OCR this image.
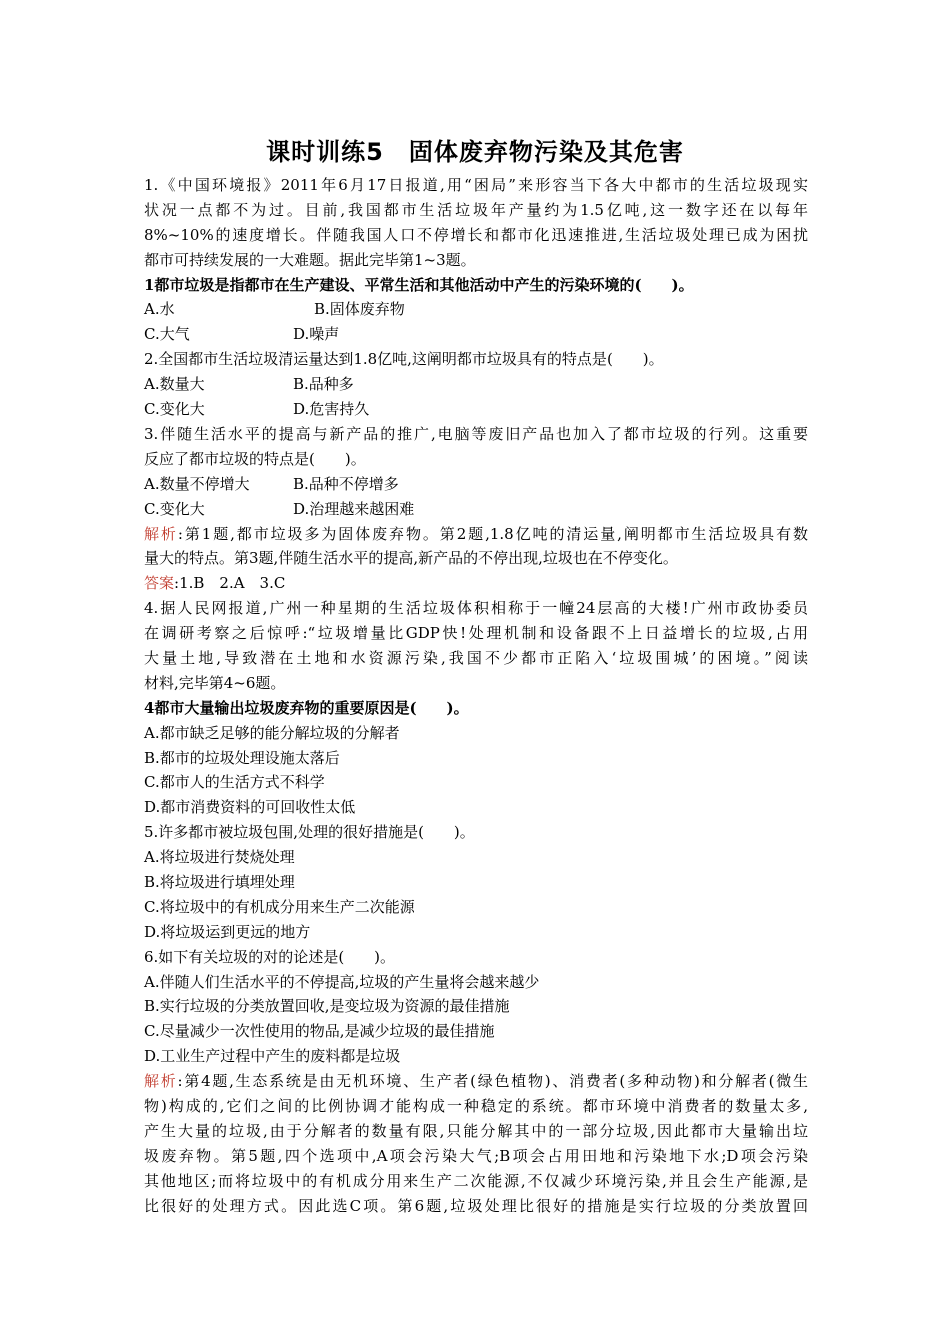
课时训练5　固体废弃物污染及其危害
1.《中国环境报》2011年6月17日报道,用“困局”来形容当下各大中都市的生活垃圾现实
状况一点都不为过。目前,我国都市生活垃圾年产量约为1.5亿吨,这一数字还在以每年
8%~10%的速度增长。伴随我国人口不停增长和都市化迅速推进,生活垃圾处理已成为困扰
都市可持续发展的一大难题。据此完毕第1~3题。
1都市垃圾是指都市在生产建设、平常生活和其他活动中产生的污染环境的(　　)。
A.水	B.固体废弃物
C.大气	D.噪声
2.全国都市生活垃圾清运量达到1.8亿吨,这阐明都市垃圾具有的特点是(　　)。
A.数量大	B.品种多
C.变化大	D.危害持久
3.伴随生活水平的提高与新产品的推广,电脑等废旧产品也加入了都市垃圾的行列。这重要
反应了都市垃圾的特点是(　　)。
A.数量不停增大	B.品种不停增多
C.变化大	D.治理越来越困难
解析:第1题,都市垃圾多为固体废弃物。第2题,1.8亿吨的清运量,阐明都市生活垃圾具有数
量大的特点。第3题,伴随生活水平的提高,新产品的不停出现,垃圾也在不停变化。
答案:1.B　2.A　3.C
4.据人民网报道,广州一种星期的生活垃圾体积相称于一幢24层高的大楼!广州市政协委员
在调研考察之后惊呼:“垃圾增量比GDP快!处理机制和设备跟不上日益增长的垃圾,占用
大量土地,导致潜在土地和水资源污染,我国不少都市正陷入‘垃圾围城’的困境。”阅读
材料,完毕第4~6题。
4都市大量输出垃圾废弃物的重要原因是(　　)。
A.都市缺乏足够的能分解垃圾的分解者
B.都市的垃圾处理设施太落后
C.都市人的生活方式不科学
D.都市消费资料的可回收性太低
5.许多都市被垃圾包围,处理的很好措施是(　　)。
A.将垃圾进行焚烧处理
B.将垃圾进行填埋处理
C.将垃圾中的有机成分用来生产二次能源
D.将垃圾运到更远的地方
6.如下有关垃圾的对的论述是(　　)。
A.伴随人们生活水平的不停提高,垃圾的产生量将会越来越少
B.实行垃圾的分类放置回收,是变垃圾为资源的最佳措施
C.尽量减少一次性使用的物品,是减少垃圾的最佳措施
D.工业生产过程中产生的废料都是垃圾
解析:第4题,生态系统是由无机环境、生产者(绿色植物)、消费者(多种动物)和分解者(微生
物)构成的,它们之间的比例协调才能构成一种稳定的系统。都市环境中消费者的数量太多,
产生大量的垃圾,由于分解者的数量有限,只能分解其中的一部分垃圾,因此都市大量输出垃
圾废弃物。第5题,四个选项中,A项会污染大气;B项会占用田地和污染地下水;D项会污染
其他地区;而将垃圾中的有机成分用来生产二次能源,不仅减少环境污染,并且会生产能源,是
比很好的处理方式。因此选C项。第6题,垃圾处理比很好的措施是实行垃圾的分类放置回
